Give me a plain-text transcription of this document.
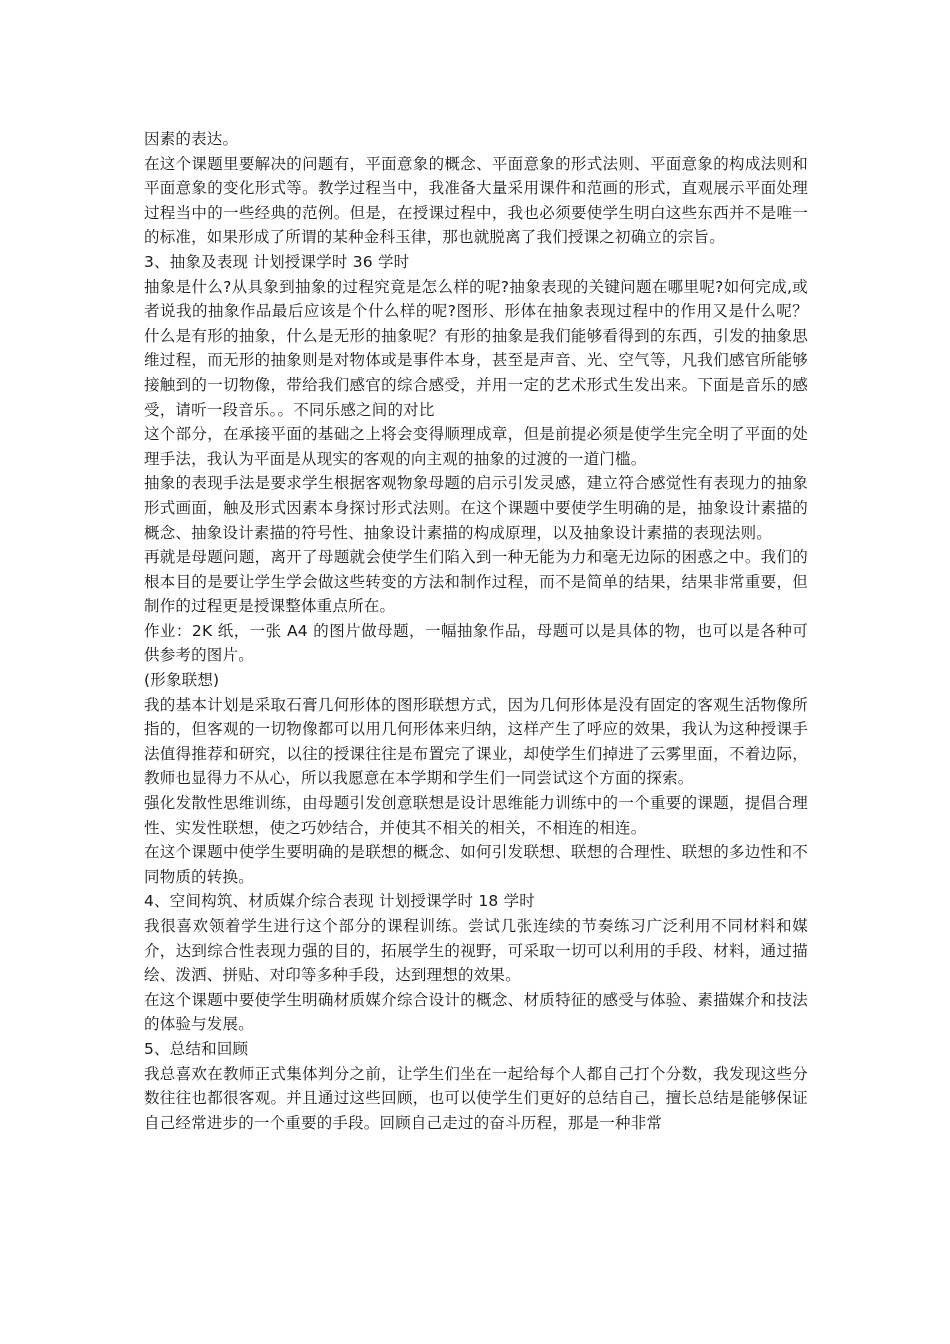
因素的表达。

在这个课题里要解决的问题有，平面意象的概念、平面意象的形式法则、平面意象的构成法则和平面意象的变化形式等。教学过程当中，我准备大量采用课件和范画的形式，直观展示平面处理过程当中的一些经典的范例。但是，在授课过程中，我也必须要使学生明白这些东西并不是唯一的标准，如果形成了所谓的某种金科玉律，那也就脱离了我们授课之初确立的宗旨。

3、抽象及表现 计划授课学时 36 学时

抽象是什么?从具象到抽象的过程究竟是怎么样的呢?抽象表现的关键问题在哪里呢?如何完成,或者说我的抽象作品最后应该是个什么样的呢?图形、形体在抽象表现过程中的作用又是什么呢？什么是有形的抽象，什么是无形的抽象呢？有形的抽象是我们能够看得到的东西，引发的抽象思维过程，而无形的抽象则是对物体或是事件本身，甚至是声音、光、空气等，凡我们感官所能够接触到的一切物像，带给我们感官的综合感受，并用一定的艺术形式生发出来。下面是音乐的感受，请听一段音乐。。不同乐感之间的对比

这个部分，在承接平面的基础之上将会变得顺理成章，但是前提必须是使学生完全明了平面的处理手法，我认为平面是从现实的客观的向主观的抽象的过渡的一道门槛。

抽象的表现手法是要求学生根据客观物象母题的启示引发灵感，建立符合感觉性有表现力的抽象形式画面，触及形式因素本身探讨形式法则。在这个课题中要使学生明确的是，抽象设计素描的概念、抽象设计素描的符号性、抽象设计素描的构成原理，以及抽象设计素描的表现法则。

再就是母题问题，离开了母题就会使学生们陷入到一种无能为力和毫无边际的困惑之中。我们的根本目的是要让学生学会做这些转变的方法和制作过程，而不是简单的结果，结果非常重要，但制作的过程更是授课整体重点所在。

作业：2K 纸，一张 A4 的图片做母题，一幅抽象作品，母题可以是具体的物，也可以是各种可供参考的图片。

(形象联想)

我的基本计划是采取石膏几何形体的图形联想方式，因为几何形体是没有固定的客观生活物像所指的，但客观的一切物像都可以用几何形体来归纳，这样产生了呼应的效果，我认为这种授课手法值得推荐和研究，以往的授课往往是布置完了课业，却使学生们掉进了云雾里面，不着边际，教师也显得力不从心，所以我愿意在本学期和学生们一同尝试这个方面的探索。

强化发散性思维训练，由母题引发创意联想是设计思维能力训练中的一个重要的课题，提倡合理性、实发性联想，使之巧妙结合，并使其不相关的相关，不相连的相连。

在这个课题中使学生要明确的是联想的概念、如何引发联想、联想的合理性、联想的多边性和不同物质的转换。

4、空间构筑、材质媒介综合表现 计划授课学时 18 学时

我很喜欢领着学生进行这个部分的课程训练。尝试几张连续的节奏练习广泛利用不同材料和媒介，达到综合性表现力强的目的，拓展学生的视野，可采取一切可以利用的手段、材料，通过描绘、泼洒、拼贴、对印等多种手段，达到理想的效果。

在这个课题中要使学生明确材质媒介综合设计的概念、材质特征的感受与体验、素描媒介和技法的体验与发展。

5、总结和回顾

我总喜欢在教师正式集体判分之前，让学生们坐在一起给每个人都自己打个分数，我发现这些分数往往也都很客观。并且通过这些回顾，也可以使学生们更好的总结自己，擅长总结是能够保证自己经常进步的一个重要的手段。回顾自己走过的奋斗历程，那是一种非常
